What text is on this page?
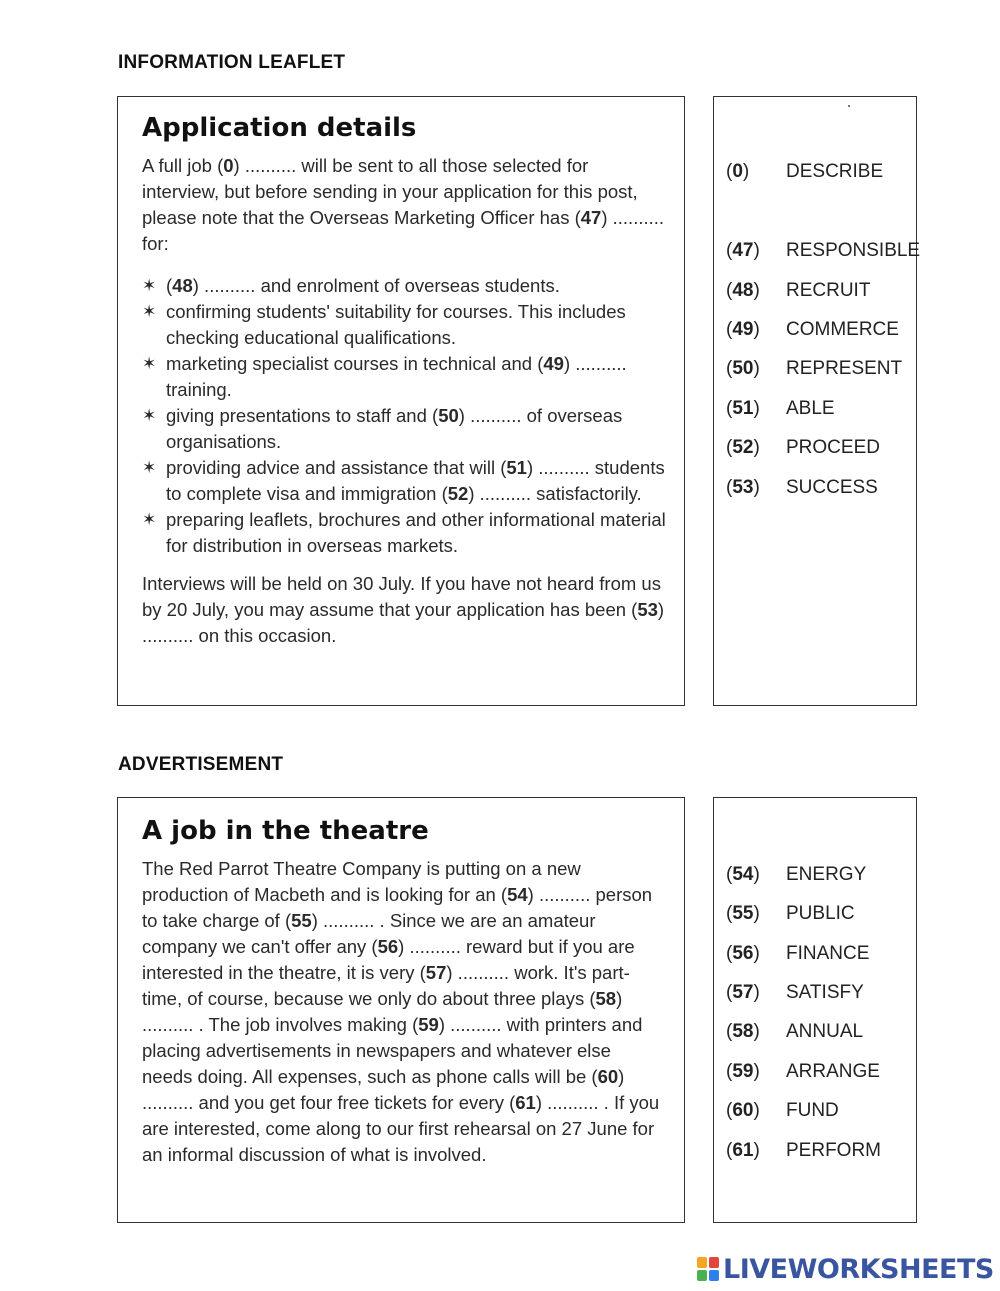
INFORMATION LEAFLET
Application details

A full job (0) .......... will be sent to all those selected for interview, but before sending in your application for this post, please note that the Overseas Marketing Officer has (47) .......... for:

✶ (48) .......... and enrolment of overseas students.
✶ confirming students' suitability for courses. This includes checking educational qualifications.
✶ marketing specialist courses in technical and (49) .......... training.
✶ giving presentations to staff and (50) .......... of overseas organisations.
✶ providing advice and assistance that will (51) .......... students to complete visa and immigration (52) .......... satisfactorily.
✶ preparing leaflets, brochures and other informational material for distribution in overseas markets.

Interviews will be held on 30 July. If you have not heard from us by 20 July, you may assume that your application has been (53) .......... on this occasion.

(0) DESCRIBE
(47) RESPONSIBLE
(48) RECRUIT
(49) COMMERCE
(50) REPRESENT
(51) ABLE
(52) PROCEED
(53) SUCCESS
ADVERTISEMENT
A job in the theatre

The Red Parrot Theatre Company is putting on a new production of Macbeth and is looking for an (54) .......... person to take charge of (55) .......... . Since we are an amateur company we can't offer any (56) .......... reward but if you are interested in the theatre, it is very (57) .......... work. It's part-time, of course, because we only do about three plays (58) .......... . The job involves making (59) .......... with printers and placing advertisements in newspapers and whatever else needs doing. All expenses, such as phone calls will be (60) .......... and you get four free tickets for every (61) .......... . If you are interested, come along to our first rehearsal on 27 June for an informal discussion of what is involved.

(54) ENERGY
(55) PUBLIC
(56) FINANCE
(57) SATISFY
(58) ANNUAL
(59) ARRANGE
(60) FUND
(61) PERFORM
LIVEWORKSHEETS
